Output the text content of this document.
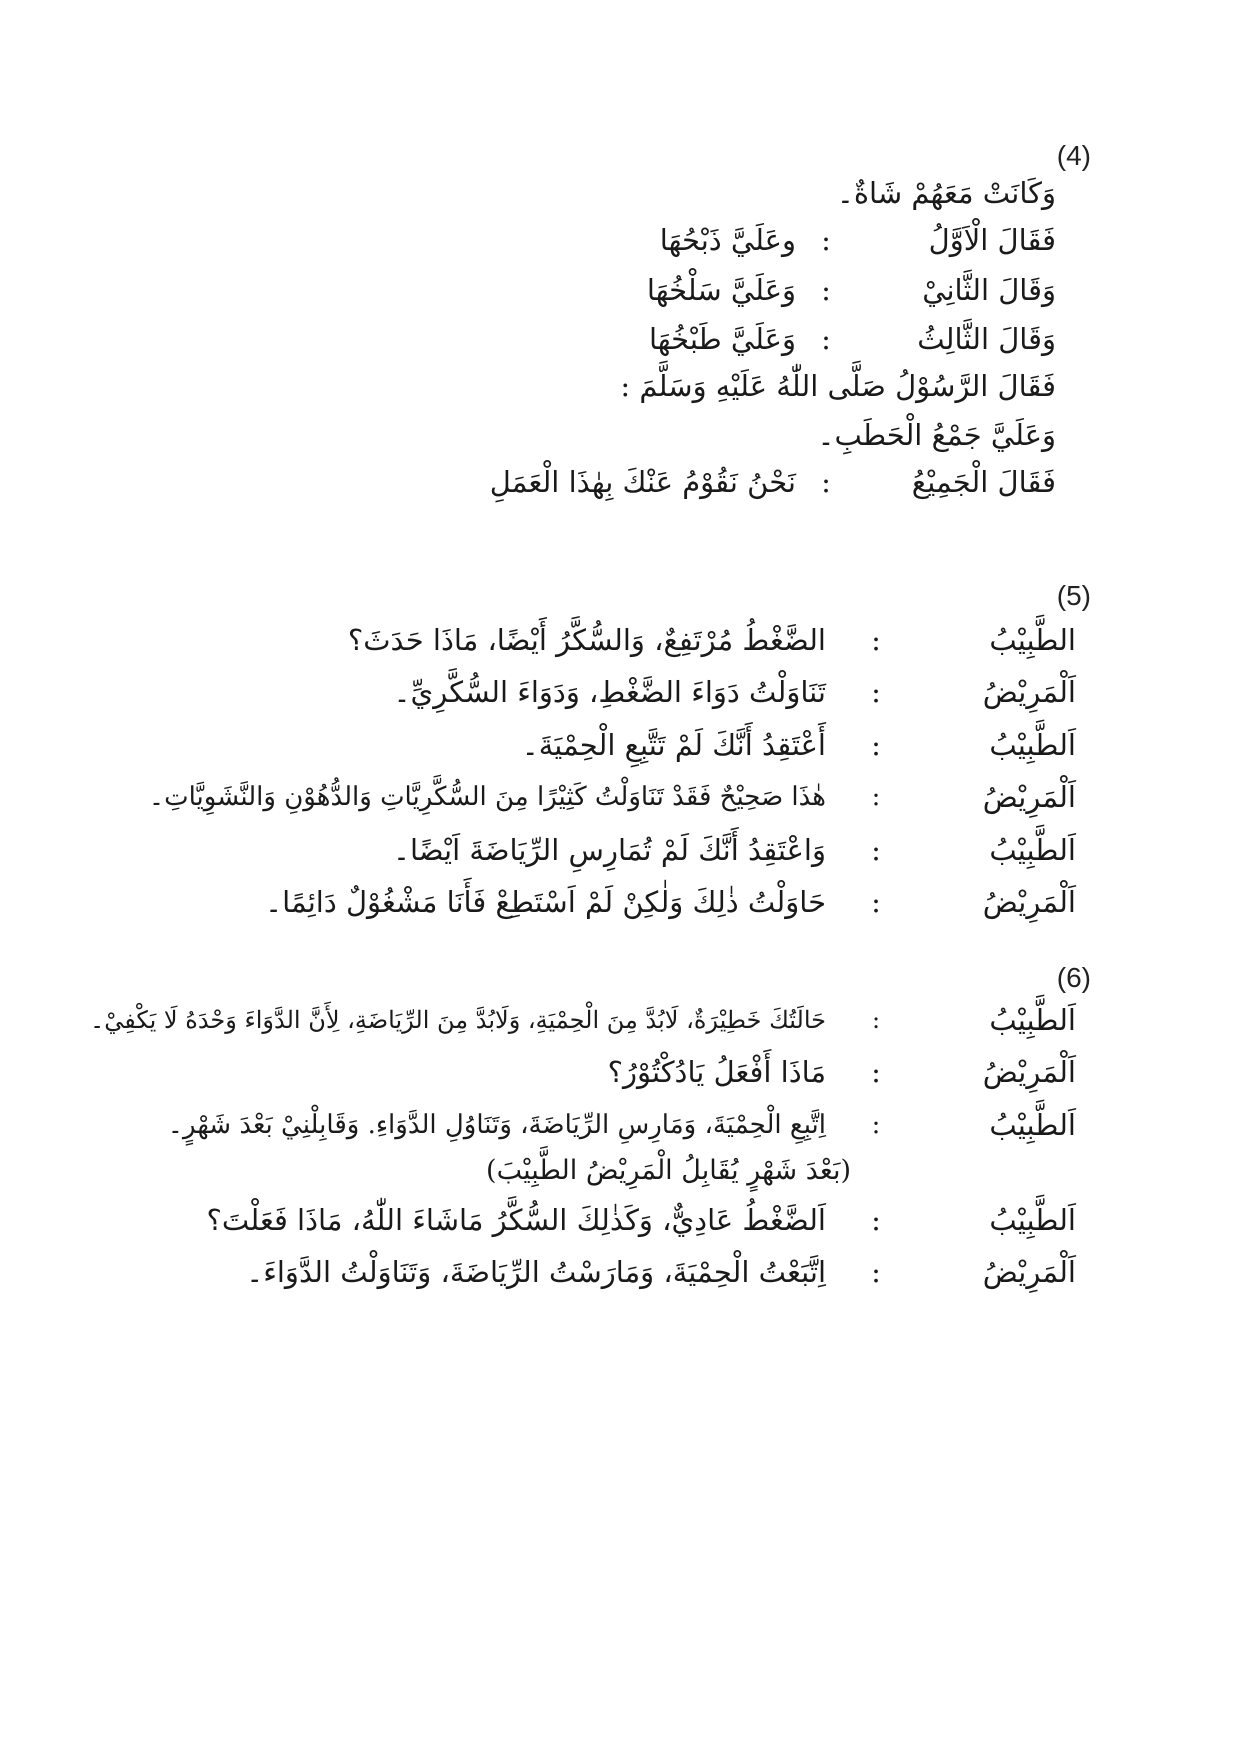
(4)
وَكَانَتْ مَعَهُمْ شَاةٌ۔
فَقَالَ الْاَوَّلُ
:
وعَلَيَّ ذَبْحُهَا
وَقَالَ الثَّانِيْ
:
وَعَلَيَّ سَلْخُهَا
وَقَالَ الثَّالِثُ
:
وَعَلَيَّ طَبْخُهَا
فَقَالَ الرَّسُوْلُ صَلَّى اللّٰهُ عَلَيْهِ وَسَلَّمَ :
وَعَلَيَّ جَمْعُ الْحَطَبِ۔
فَقَالَ الْجَمِيْعُ
:
نَحْنُ نَقُوْمُ عَنْكَ بِهٰذَا الْعَمَلِ
(5)
الطَّبِيْبُ
:
الضَّغْطُ مُرْتَفِعٌ، وَالسُّكَّرُ أَيْضًا، مَاذَا حَدَثَ؟
اَلْمَرِيْضُ
:
تَنَاوَلْتُ دَوَاءَ الضَّغْطِ، وَدَوَاءَ السُّكَّرِيِّ۔
اَلطَّبِيْبُ
:
أَعْتَقِدُ أَنَّكَ لَمْ تَتَّبِعِ الْحِمْيَةَ۔
اَلْمَرِيْضُ
:
هٰذَا صَحِيْحٌ فَقَدْ تَنَاوَلْتُ كَثِيْرًا مِنَ السُّكَّرِيَّاتِ وَالدُّهُوْنِ وَالنَّشَوِيَّاتِ۔
اَلطَّبِيْبُ
:
وَاعْتَقِدُ أَنَّكَ لَمْ تُمَارِسِ الرِّيَاضَةَ اَيْضًا۔
اَلْمَرِيْضُ
:
حَاوَلْتُ ذٰلِكَ وَلٰكِنْ لَمْ اَسْتَطِعْ فَأَنَا مَشْغُوْلٌ دَائِمًا۔
(6)
اَلطَّبِيْبُ
:
حَالَتُكَ خَطِيْرَةٌ، لَابُدَّ مِنَ الْحِمْيَةِ، وَلَابُدَّ مِنَ الرِّيَاضَةِ، لِأَنَّ الدَّوَاءَ وَحْدَهُ لَا يَكْفِيْ۔
اَلْمَرِيْضُ
:
مَاذَا أَفْعَلُ يَادُكْتُوْرُ؟
اَلطَّبِيْبُ
:
اِتَّبِعِ الْحِمْيَةَ، وَمَارِسِ الرِّيَاضَةَ، وَتَنَاوُلِ الدَّوَاءِ. وَقَابِلْنِيْ بَعْدَ شَهْرٍ۔
(بَعْدَ شَهْرٍ يُقَابِلُ الْمَرِيْضُ الطَّبِيْبَ)
اَلطَّبِيْبُ
:
اَلضَّغْطُ عَادِيٌّ، وَكَذٰلِكَ السُّكَّرُ مَاشَاءَ اللّٰهُ، مَاذَا فَعَلْتَ؟
اَلْمَرِيْضُ
:
اِتَّبَعْتُ الْحِمْيَةَ، وَمَارَسْتُ الرِّيَاضَةَ، وَتَنَاوَلْتُ الدَّوَاءَ۔
